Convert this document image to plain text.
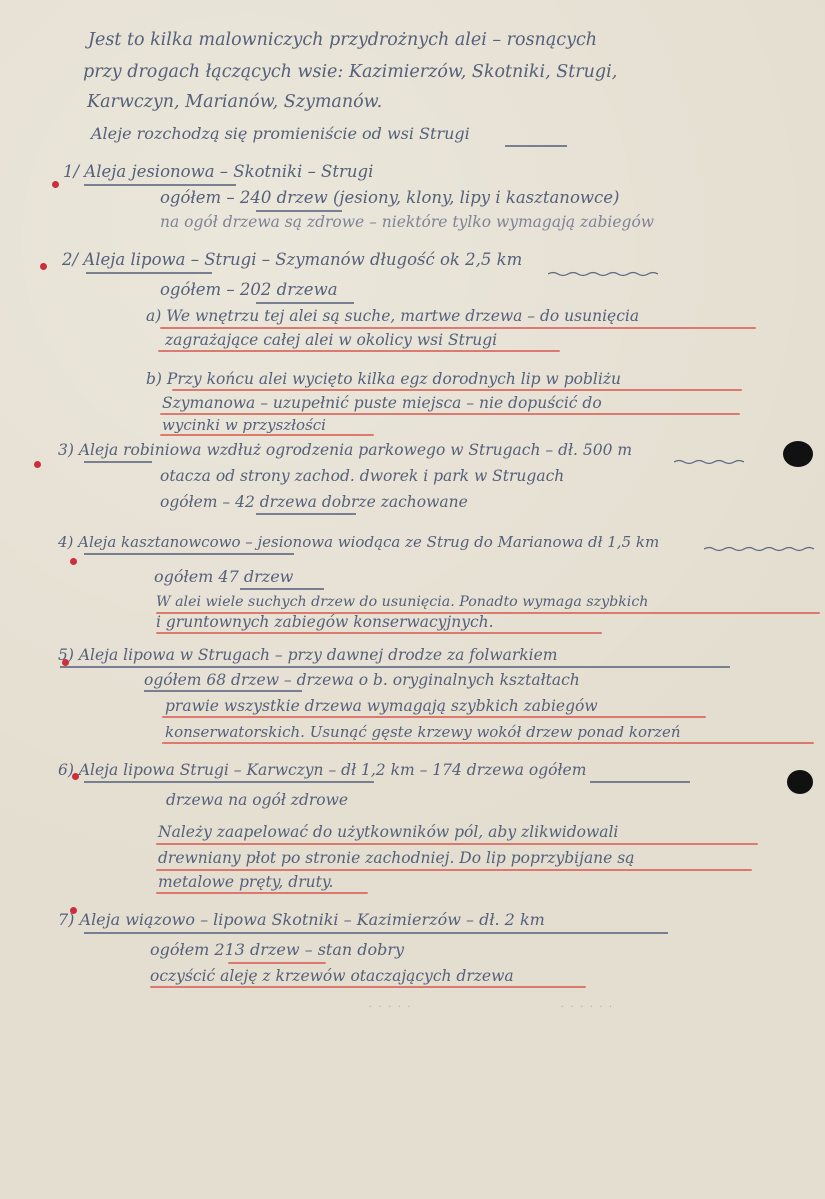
Jest to kilka malowniczych przydrożnych alei – rosnących
przy drogach łączących wsie: Kazimierzów, Skotniki, Strugi,
Karwczyn, Marianów, Szymanów.
Aleje rozchodzą się promieniście od wsi Strugi
1/ Aleja jesionowa – Skotniki – Strugi
ogółem – 240 drzew (jesiony, klony, lipy i kasztanowce)
na ogół drzewa są zdrowe – niektóre tylko wymagają zabiegów
2/ Aleja lipowa – Strugi – Szymanów długość ok 2,5 km
ogółem – 202 drzewa
a) We wnętrzu tej alei są suche, martwe drzewa – do usunięcia
zagrażające całej alei w okolicy wsi Strugi
b) Przy końcu alei wycięto kilka egz dorodnych lip w pobliżu
Szymanowa – uzupełnić puste miejsca – nie dopuścić do
wycinki w przyszłości
3) Aleja robiniowa wzdłuż ogrodzenia parkowego w Strugach – dł. 500 m
otacza od strony zachod. dworek i park w Strugach
ogółem – 42 drzewa dobrze zachowane
4) Aleja kasztanowcowo – jesionowa wiodąca ze Strug do Marianowa dł 1,5 km
ogółem 47 drzew
W alei wiele suchych drzew do usunięcia. Ponadto wymaga szybkich
i gruntownych zabiegów konserwacyjnych.
5) Aleja lipowa w Strugach – przy dawnej drodze za folwarkiem
ogółem 68 drzew – drzewa o b. oryginalnych kształtach
prawie wszystkie drzewa wymagają szybkich zabiegów
konserwatorskich. Usunąć gęste krzewy wokół drzew ponad korzeń
6) Aleja lipowa Strugi – Karwczyn – dł 1,2 km – 174 drzewa ogółem
drzewa na ogół zdrowe
Należy zaapelować do użytkowników pól, aby zlikwidowali
drewniany płot po stronie zachodniej. Do lip poprzybijane są
metalowe pręty, druty.
7) Aleja wiązowo – lipowa Skotniki – Kazimierzów – dł. 2 km
ogółem 213 drzew – stan dobry
oczyścić aleję z krzewów otaczających drzewa
· · · · ·	· · · · · ·
